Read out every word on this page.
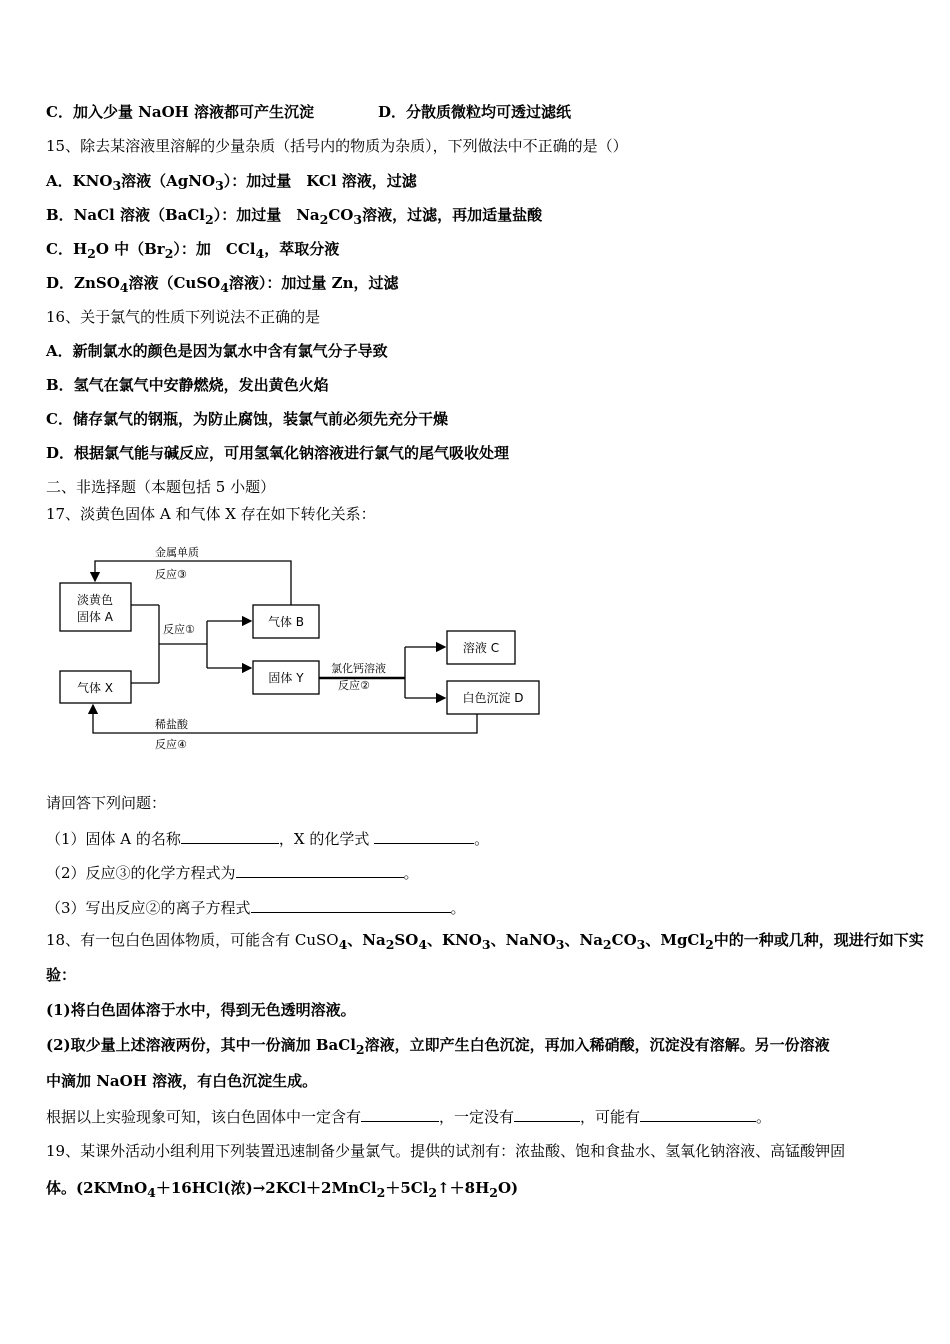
C．加入少量 NaOH 溶液都可产生沉淀	D．分散质微粒均可透过滤纸
15、除去某溶液里溶解的少量杂质（括号内的物质为杂质），下列做法中不正确的是（）
A．$KNO_3$溶液（AgNO$_3$）：加过量　KCl 溶液，过滤
B．NaCl 溶液（BaCl$_2$）：加过量　$Na_2CO_3$溶液，过滤，再加适量盐酸
C．$H_2O$ 中$(Br_2)$：加　CCl$_4$，萃取分液
D．ZnSO$_4$溶液（CuSO$_4$溶液）：加过量 Zn，过滤
16、关于氯气的性质下列说法不正确的是
A．新制氯水的颜色是因为氯水中含有氯气分子导致
B．氢气在氯气中安静燃烧，发出黄色火焰
C．储存氯气的钢瓶，为防止腐蚀，装氯气前必须先充分干燥
D．根据氯气能与碱反应，可用氢氧化钠溶液进行氯气的尾气吸收处理
二、非选择题（本题包括 5 小题）
17、淡黄色固体 A 和气体 X 存在如下转化关系：
淡黄色
固体 A
气体 X
气体 B
固体 Y
溶液 C
白色沉淀 D
金属单质
反应③
反应①
氯化钙溶液
反应②
稀盐酸
反应④
请回答下列问题：
（1）固体 A 的名称	，X 的化学式	。
（2）反应③的化学方程式为	。
（3）写出反应②的离子方程式	。
18、有一包白色固体物质，可能含有 CuSO$_4$、$Na_2SO_4$、$KNO_3$、NaNO$_3$、$Na_2CO_3$、MgCl$_2$中的一种或几种，现进行如下实
验：
(1)将白色固体溶于水中，得到无色透明溶液。
(2)取少量上述溶液两份，其中一份滴加 BaCl$_2$溶液，立即产生白色沉淀，再加入稀硝酸，沉淀没有溶解。另一份溶液
中滴加 NaOH 溶液，有白色沉淀生成。
根据以上实验现象可知，该白色固体中一定含有	，一定没有	，可能有	。
19、某课外活动小组利用下列装置迅速制备少量氯气。提供的试剂有：浓盐酸、饱和食盐水、氢氧化钠溶液、高锰酸钾固
体。(2KMnO$_4$＋16HCl(浓)$\to 2KCl+2MnCl_2+5Cl_2↑+8H_2O$)
